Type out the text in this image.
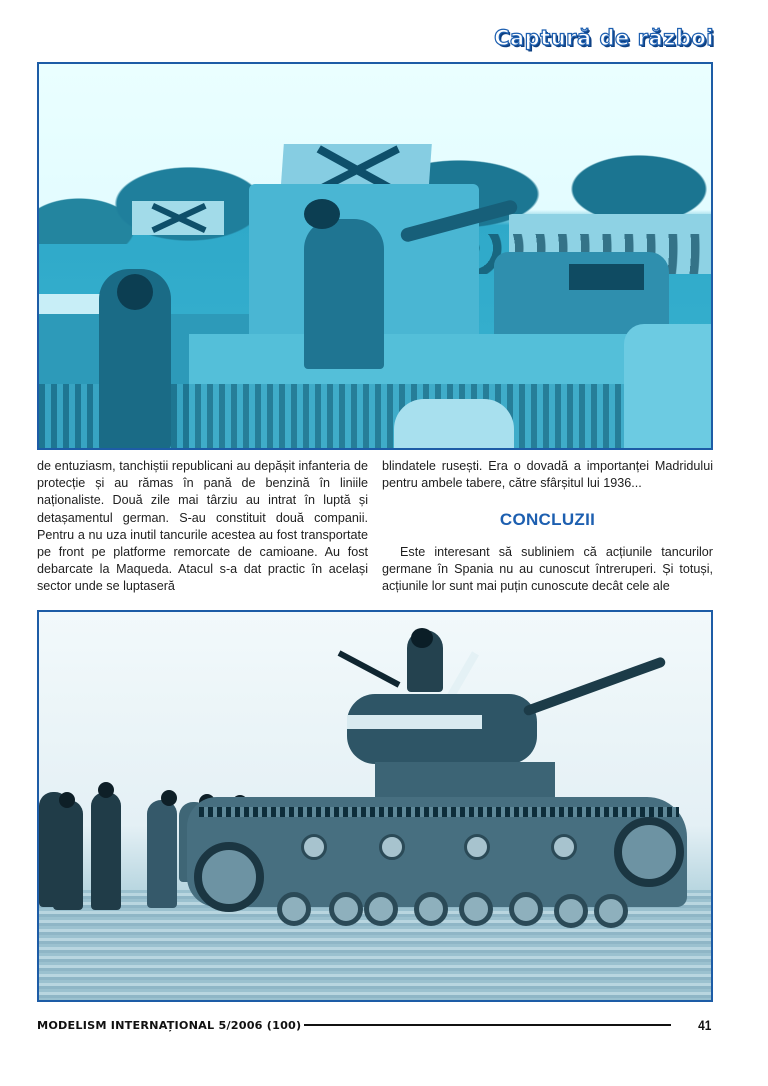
Captură de război
de entuziasm, tanchiștii republicani au depășit infanteria de protecție și au rămas în pană de benzină în liniile naționaliste. Două zile mai târziu au intrat în luptă și detașamentul german. S-au constituit două companii. Pentru a nu uza inutil tancurile acestea au fost transportate pe front pe platforme remorcate de camioane. Au fost debarcate la Maqueda. Atacul s-a dat practic în același sector unde se luptaseră
blindatele rusești. Era o dovadă a importanței Madridului pentru ambele tabere, către sfârșitul lui 1936...
CONCLUZII
Este interesant să subliniem că acțiunile tancurilor germane în Spania nu au cunoscut întreruperi. Și totuși, acțiunile lor sunt mai puțin cunoscute decât cele ale
MODELISM INTERNAȚIONAL 5/2006 (100)	41
